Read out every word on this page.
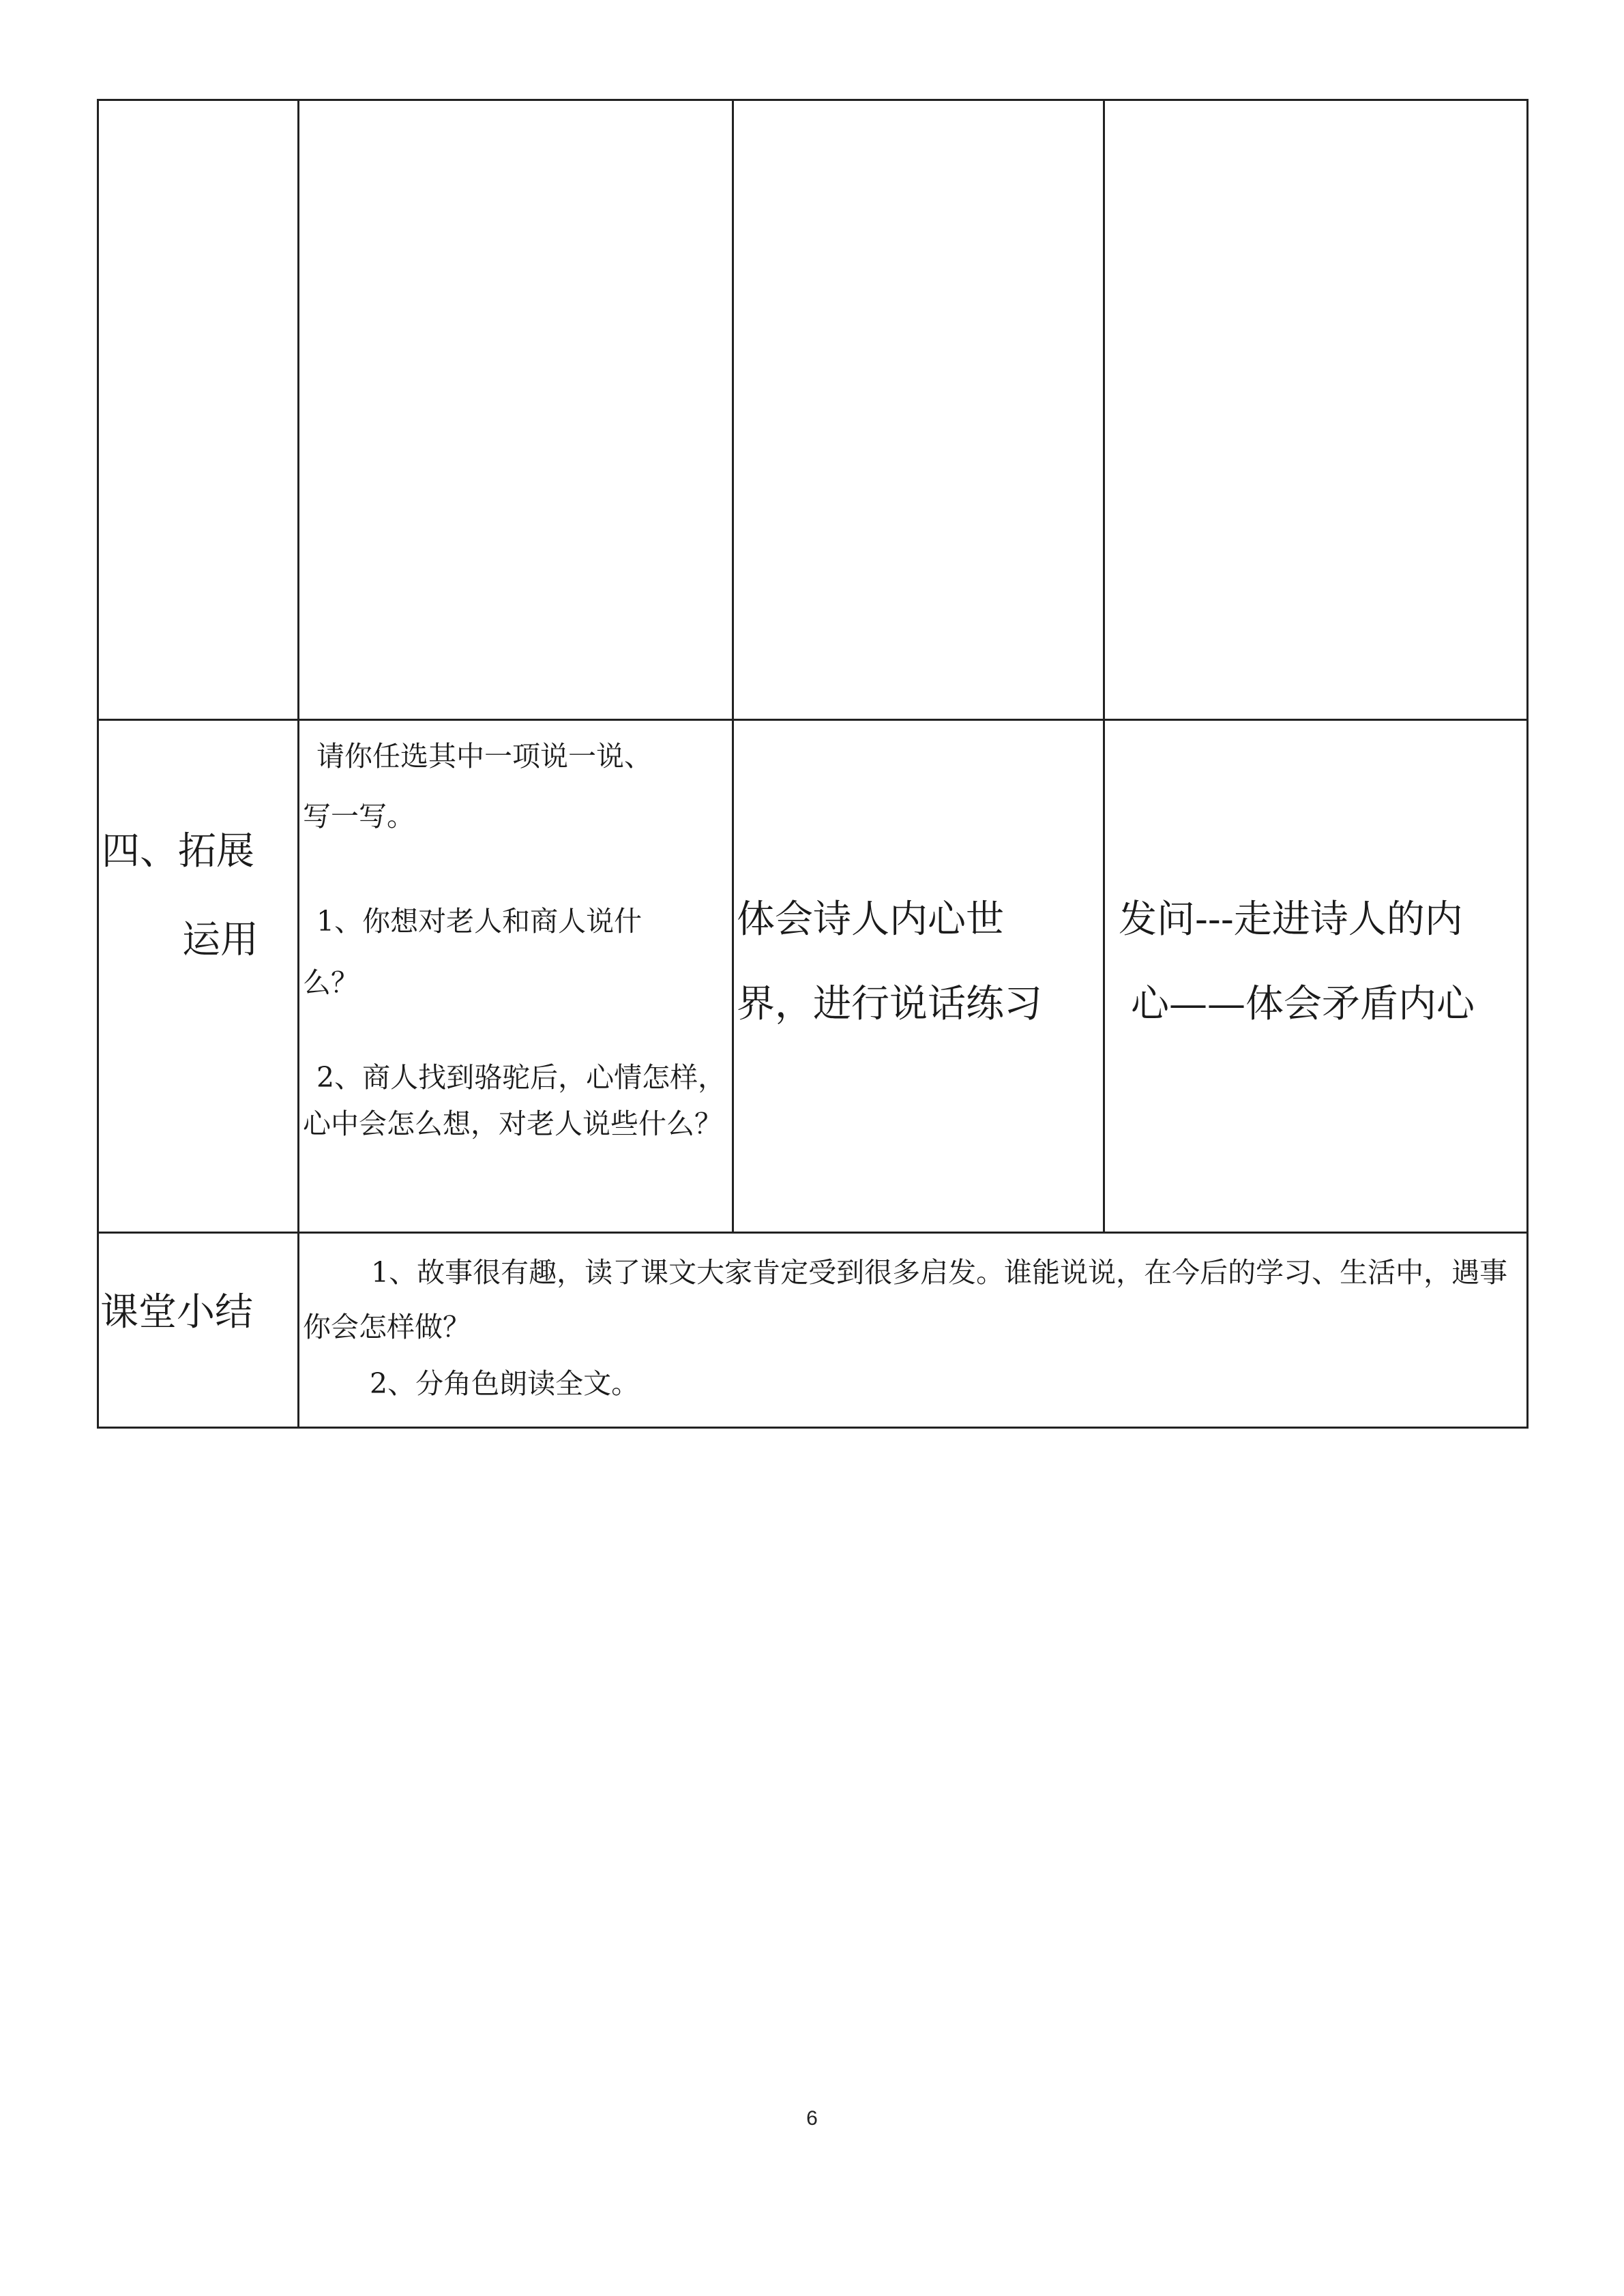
四、拓展
运用
请你任选其中一项说一说、
写一写。
1、你想对老人和商人说什
么？
2、商人找到骆驼后，心情怎样，心中会怎么想，对老人说些什么？
体会诗人内心世
界，进行说话练习
发问---走进诗人的内
心——体会矛盾内心
课堂小结
1、故事很有趣，读了课文大家肯定受到很多启发。谁能说说，在今后的学习、生活中，遇事你会怎样做？
2、分角色朗读全文。
6
